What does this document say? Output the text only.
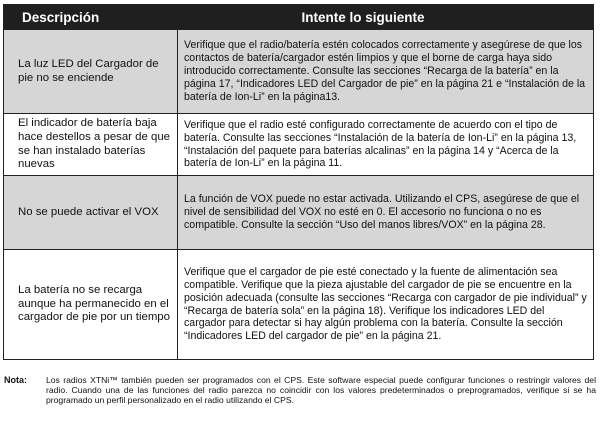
Descripción	Intente lo siguiente
La luz LED del Cargador de pie no se enciende	Verifique que el radio/batería estén colocados correctamente y asegúrese de que los contactos de batería/cargador estén limpios y que el borne de carga haya sido introducido correctamente. Consulte las secciones “Recarga de la batería” en la página 17, “Indicadores LED del Cargador de pie” en la página 21 e “Instalación de la batería de Ion-Li” en la página13.
El indicador de batería baja hace destellos a pesar de que se han instalado baterías nuevas	Verifique que el radio esté configurado correctamente de acuerdo con el tipo de batería. Consulte las secciones “Instalación de la batería de Ion-Li” en la página 13, “Instalación del paquete para baterías alcalinas” en la página 14 y “Acerca de la batería de Ion-Li” en la página 11.
No se puede activar el VOX	La función de VOX puede no estar activada. Utilizando el CPS, asegúrese de que el nivel de sensibilidad del VOX no esté en 0. El accesorio no funciona o no es compatible. Consulte la sección “Uso del manos libres/VOX” en la página 28.
La batería no se recarga aunque ha permanecido en el cargador de pie por un tiempo	Verifique que el cargador de pie esté conectado y la fuente de alimentación sea compatible. Verifique que la pieza ajustable del cargador de pie se encuentre en la posición adecuada (consulte las secciones “Recarga con cargador de pie individual” y “Recarga de batería sola” en la página 18). Verifique los indicadores LED del cargador para detectar si hay algún problema con la batería. Consulte la sección “Indicadores LED del cargador de pie” en la página 21.
Nota: Los radios XTNi™ también pueden ser programados con el CPS. Este software especial puede configurar funciones o restringir valores del radio. Cuando una de las funciones del radio parezca no coincidir con los valores predeterminados o preprogramados, verifique si se ha programado un perfil personalizado en el radio utilizando el CPS.
